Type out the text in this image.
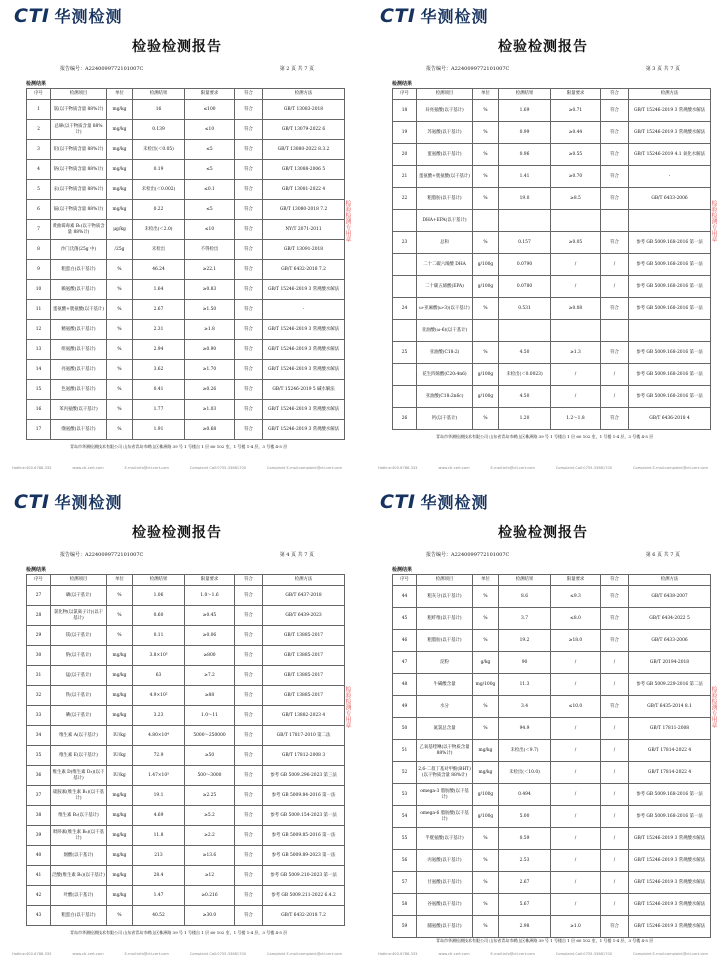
CTI 华测检测
检验检测报告
报告编号：A2240099772101007C	第 2 页 共 7 页
检测结果
序号	检测项目	单位	检测结果	限量要求	符合	检测方法
1	氯(以干物质含量 88%计)	mg/kg	16	≤100	符合	GB/T 13083-2018
2	总砷(以干物质含量 88%计)	mg/kg	0.139	≤10	符合	GB/T 13079-2022 6
3	铅(以干物质含量 88%计)	mg/kg	未检出(＜0.05)	≤5	符合	GB/T 13080-2022 8.3.2
4	铬(以干物质含量 88%计)	mg/kg	0.19	≤5	符合	GB/T 13088-2006 5
5	汞(以干物质含量 88%计)	mg/kg	未检出(＜0.002)	≤0.1	符合	GB/T 13081-2022 4
6	镉(以干物质含量 88%计)	mg/kg	0.22	≤5	符合	GB/T 13080-2018 7.2
7	黄曲霉毒素 B₁(以干物质含量 88%计)	μg/kg	未检出(＜2.0)	≤10	符合	NY/T 2071-2011
8	沙门氏菌(25g 中)	/25g	未检出	不得检出	符合	GB/T 13091-2018
9	粗蛋白(以干基计)	%	46.24	≥22.1	符合	GB/T 6432-2018 7.2
10	赖氨酸(以干基计)	%	1.64	≥0.83	符合	GB/T 15246-2019 3 常规酸水解法
11	蛋氨酸+胱氨酸(以干基计)	%	2.67	≥1.50	符合	-
12	精氨酸(以干基计)	%	2.31	≥1.8	符合	GB/T 15246-2019 3 常规酸水解法
13	组氨酸(以干基计)	%	2.94	≥0.90	符合	GB/T 15246-2019 3 常规酸水解法
14	亮氨酸(以干基计)	%	3.62	≥1.70	符合	GB/T 15246-2019 3 常规酸水解法
15	色氨酸(以干基计)	%	0.41	≥0.26	符合	GB/T 15246-2019 5 碱水解法
16	苯丙氨酸(以干基计)	%	1.77	≥1.03	符合	GB/T 15246-2019 3 常规酸水解法
17	缬氨酸(以干基计)	%	1.91	≥0.68	符合	GB/T 15246-2019 3 常规酸水解法
青岛市华测检测技术有限公司 山东省青岛市崂山区株洲路 39 号 1 号楼自 1 层 60 102 室，1 号楼 1-4 层，3 号楼 4-5 层
Hotline:400-6788-333	www.cti-cert.com	E-mail:info@cti-cert.com	Complaint Call:0755-33681700	Complaint E-mail:complaint@cti-cert.com
检验检测专用章
CTI 华测检测
检验检测报告
报告编号：A2240099772101007C	第 3 页 共 7 页
检测结果
序号	检测项目	单位	检测结果	限量要求	符合	检测方法
18	异亮氨酸(以干基计)	%	1.69	≥0.71	符合	GB/T 15246-2019 3 常规酸水解法
19	苏氨酸(以干基计)	%	0.99	≥0.44	符合	GB/T 15246-2019 3 常规酸水解法
20	蛋氨酸(以干基计)	%	0.96	≥0.55	符合	GB/T 15246-2019 4.1 氧化水解法
21	蛋氨酸+胱氨酸(以干基计)	%	1.41	≥0.70	符合	-
22	粗脂肪(以干基计)	%	19.0	≥8.5	符合	GB/T 6433-2006
	DHA+EPA(以干基计)					
23	总和	%	0.157	≥0.05	符合	参考 GB 5009.168-2016 第一法
	二十二碳六烯酸 DHA	g/100g	0.0790	/	/	参考 GB 5009.168-2016 第一法
	二十碳五烯酸(EPA)	g/100g	0.0780	/	/	参考 GB 5009.168-2016 第一法
24	ω-亚麻酸(ω-3)(以干基计)	%	0.531	≥0.08	符合	参考 GB 5009.168-2016 第一法
	亚油酸(ω-6)(以干基计)					
25	亚油酸(C18:2)	%	4.50	≥1.3	符合	参考 GB 5009.168-2016 第一法
	花生四烯酸(C20:4n6)	g/100g	未检出(＜0.0023)	/	/	参考 GB 5009.168-2016 第一法
	亚油酸(C18:2n6c)	g/100g	4.50	/	/	参考 GB 5009.168-2016 第一法
26	钙(以干基计)	%	1.20	1.2～1.8	符合	GB/T 6436-2018 4
青岛市华测检测技术有限公司 山东省青岛市崂山区株洲路 39 号 1 号楼自 1 层 60 102 室，1 号楼 1-4 层，3 号楼 4-5 层
Hotline:400-6788-333	www.cti-cert.com	E-mail:info@cti-cert.com	Complaint Call:0755-33681700	Complaint E-mail:complaint@cti-cert.com
检验检测专用章
CTI 华测检测
检验检测报告
报告编号：A2240099772101007C	第 4 页 共 7 页
检测结果
序号	检测项目	单位	检测结果	限量要求	符合	检测方法
27	磷(以干基计)	%	1.06	1.0～1.6	符合	GB/T 6437-2018
28	氯化物(以氯离子计)(以干基计)	%	0.60	≥0.45	符合	GB/T 6439-2023
29	镁(以干基计)	%	0.11	≥0.06	符合	GB/T 13885-2017
30	钠(以干基计)	mg/kg	3.8×10³	≥800	符合	GB/T 13885-2017
31	锰(以干基计)	mg/kg	63	≥7.2	符合	GB/T 13885-2017
32	铁(以干基计)	mg/kg	4.9×10²	≥88	符合	GB/T 13885-2017
33	碘(以干基计)	mg/kg	3.23	1.0～11	符合	GB/T 13882-2023 4
34	维生素 A(以干基计)	IU/kg	4.80×10⁴	5000～250000	符合	GB/T 17817-2010 第二法
35	维生素 E(以干基计)	IU/kg	72.9	≥50	符合	GB/T 17812-2008 3
36	维生素 D(维生素 D₃)(以干基计)	IU/kg	1.47×10³	500～3000	符合	参考 GB 5009.296-2023 第三法
37	硫胺素(维生素 B₁)(以干基计)	mg/kg	19.1	≥2.25	符合	参考 GB 5009.84-2016 第一法
38	维生素 B₂(以干基计)	mg/kg	4.69	≥5.2	符合	参考 GB 5009.154-2023 第一法
39	吡哆素(维生素 B₆)(以干基计)	mg/kg	11.8	≥2.2	符合	参考 GB 5009.85-2016 第一法
40	烟酸(以干基计)	mg/kg	213	≥13.6	符合	参考 GB 5009.89-2023 第一法
41	泛酸(维生素 B₅)(以干基计)	mg/kg	28.4	≥12	符合	参考 GB 5009.210-2023 第一法
42	叶酸(以干基计)	mg/kg	1.47	≥0.216	符合	参考 GB 5009.211-2022 6.4.2
43	粗蛋白(以干基计)	%	40.52	≥30.0	符合	GB/T 6432-2018 7.2
青岛市华测检测技术有限公司 山东省青岛市崂山区株洲路 39 号 1 号楼自 1 层 60 102 室，1 号楼 1-4 层，3 号楼 4-5 层
Hotline:400-6788-333	www.cti-cert.com	E-mail:info@cti-cert.com	Complaint Call:0755-33681700	Complaint E-mail:complaint@cti-cert.com
检验检测专用章
CTI 华测检测
检验检测报告
报告编号：A2240099772101007C	第 6 页 共 7 页
检测结果
序号	检测项目	单位	检测结果	限量要求	符合	检测方法
44	粗灰分(以干基计)	%	8.6	≤9.3	符合	GB/T 6438-2007
45	粗纤维(以干基计)	%	3.7	≤8.0	符合	GB/T 6434-2022 5
46	粗脂肪(以干基计)	%	19.2	≥18.0	符合	GB/T 6433-2006
47	淀粉	g/kg	90	/	/	GB/T 20194-2018
48	牛磺酸含量	mg/100g	11.3	/	/	参考 GB 5009.229-2016 第二法
49	水分	%	3.4	≤10.0	符合	GB/T 6435-2014 8.1
50	氮氯总含量	%	94.9	/	/	GB/T 17811-2008
51	乙氧基喹啉(以干物质含量 88%计)	mg/kg	未检出(＜9.7)	/	/	GB/T 17814-2022 4
52	2,6-二叔丁基对甲酚(BHT)(以干物质含量 88%计)	mg/kg	未检出(＜10.0)	/	/	GB/T 17814-2022 4
53	omega-3 脂肪酸(以干基计)	g/100g	0.494	/	/	参考 GB 5009.168-2016 第一法
54	omega-6 脂肪酸(以干基计)	g/100g	5.00	/	/	参考 GB 5009.168-2016 第一法
55	半胱氨酸(以干基计)	%	0.59	/	/	GB/T 15246-2019 3 常规酸水解法
56	丙氨酸(以干基计)	%	2.53	/	/	GB/T 15246-2019 3 常规酸水解法
57	甘氨酸(以干基计)	%	2.67	/	/	GB/T 15246-2019 3 常规酸水解法
58	谷氨酸(以干基计)	%	5.67	/	/	GB/T 15246-2019 3 常规酸水解法
59	脯氨酸(以干基计)	%	2.98	≥1.0	符合	GB/T 15246-2019 3 常规酸水解法
青岛市华测检测技术有限公司 山东省青岛市崂山区株洲路 39 号 1 号楼自 1 层 60 102 室，1 号楼 1-4 层，3 号楼 4-5 层
Hotline:400-6788-333	www.cti-cert.com	E-mail:info@cti-cert.com	Complaint Call:0755-33681700	Complaint E-mail:complaint@cti-cert.com
检验检测专用章
